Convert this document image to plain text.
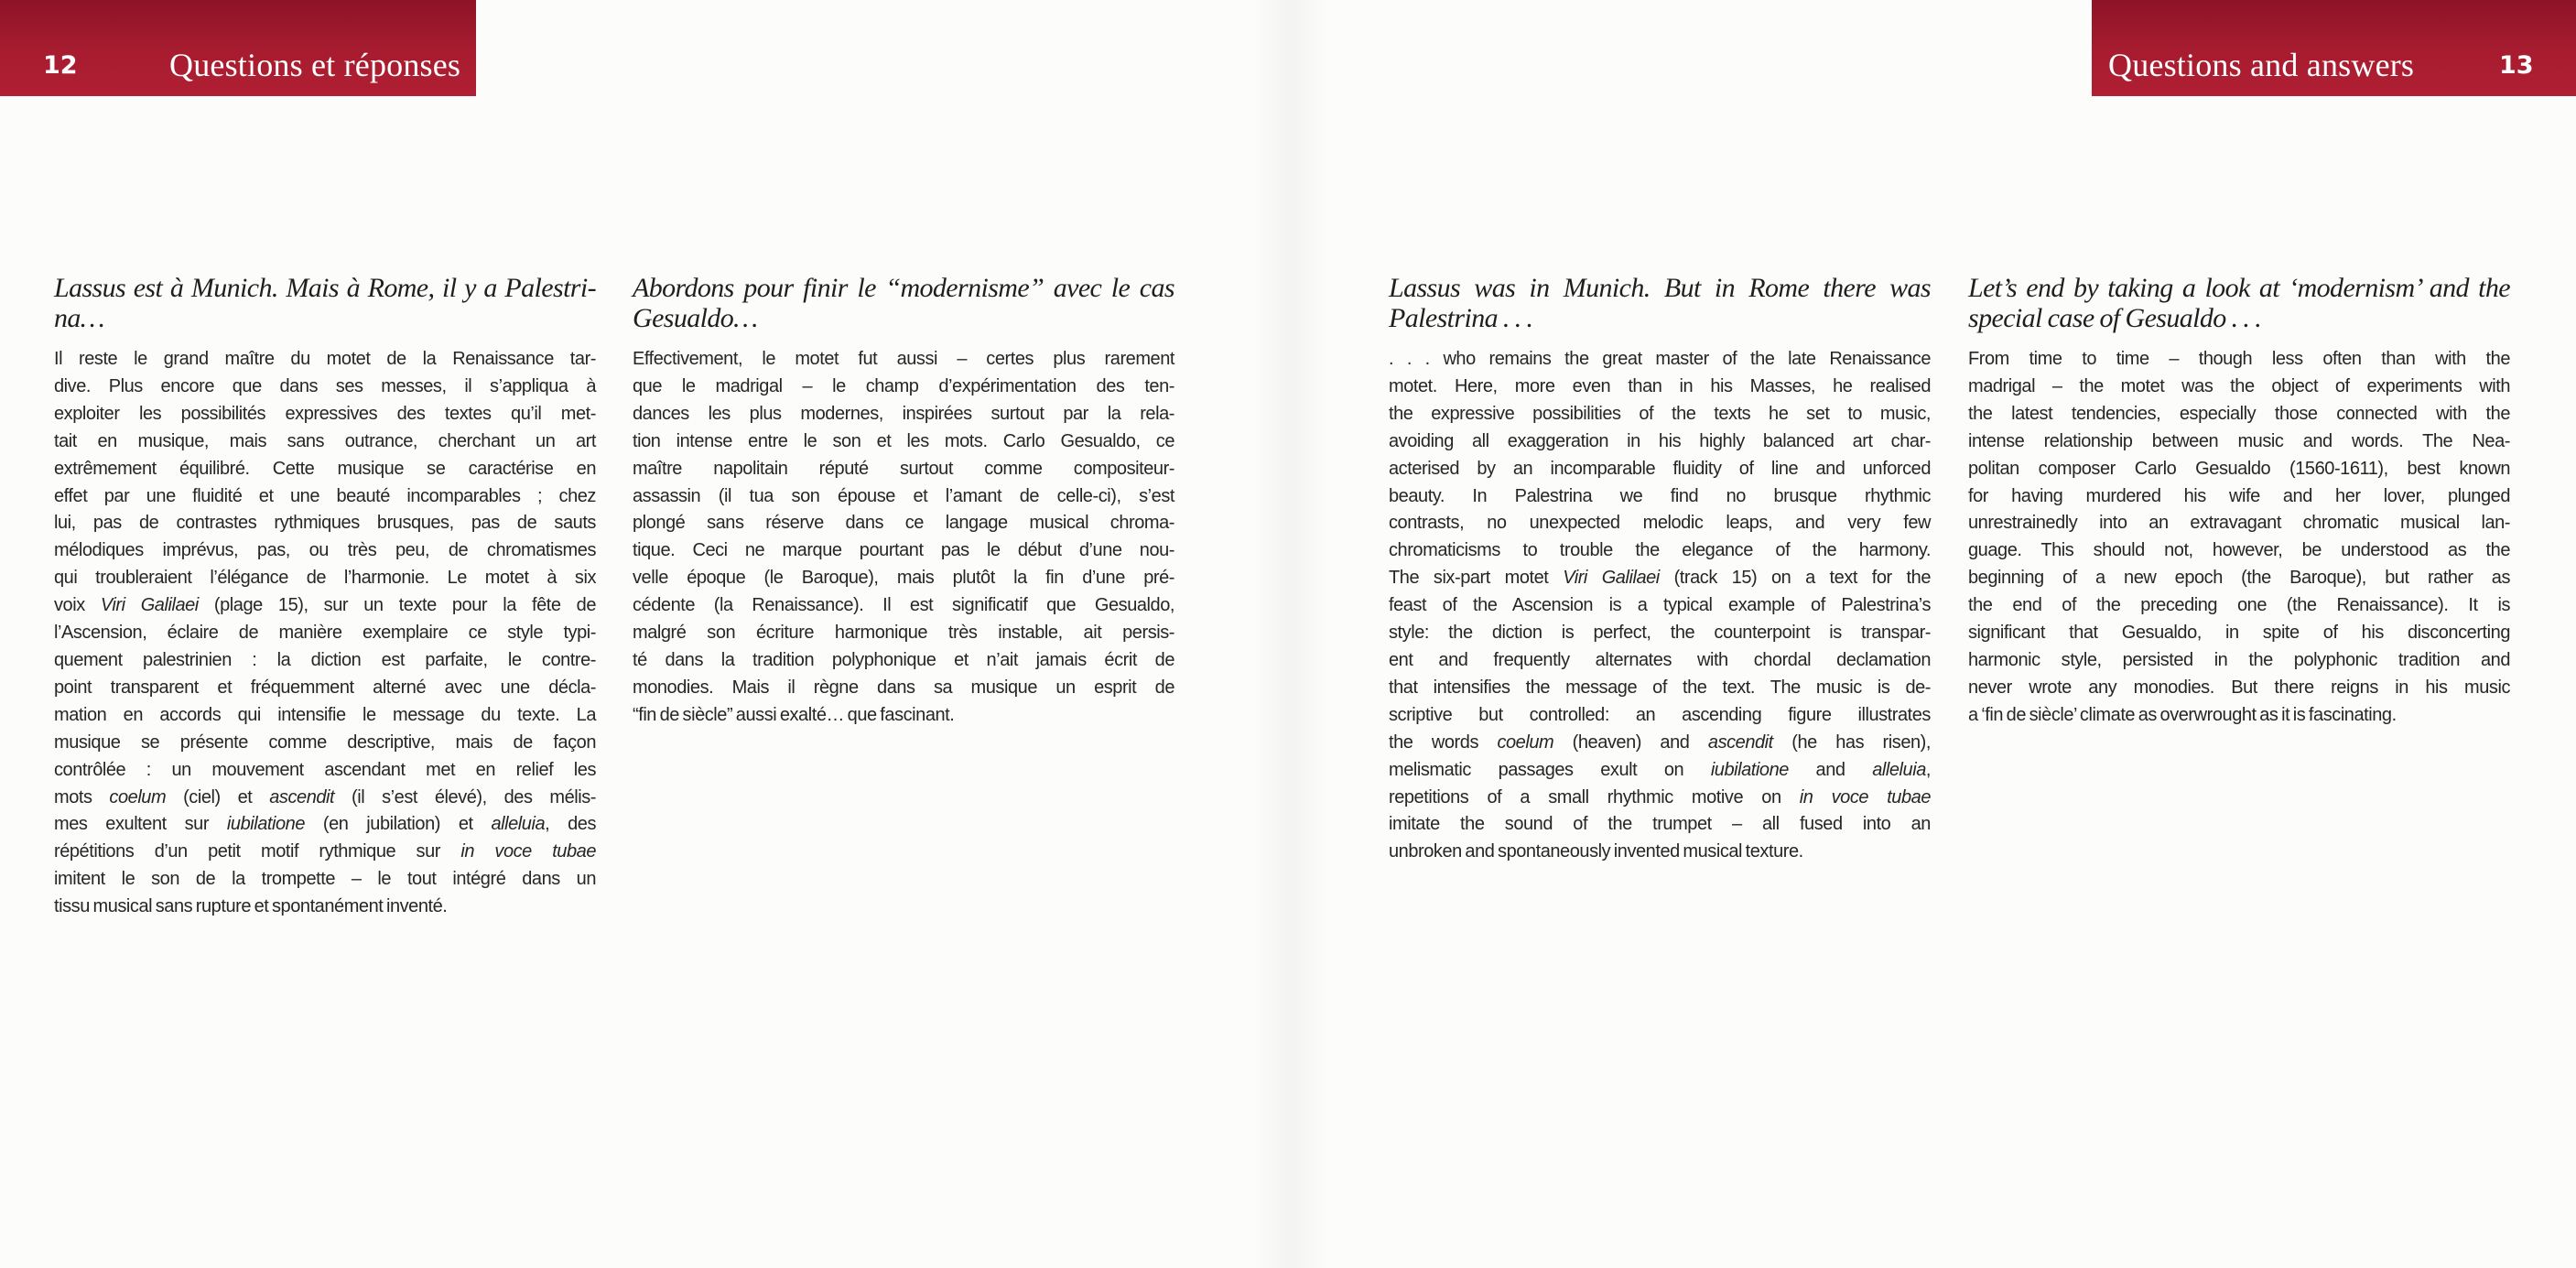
12	Questions et réponses	Questions and answers	13
Lassus est à Munich. Mais à Rome, il y a Palestri-
na…
Il reste le grand maître du motet de la Renaissance tar-
dive. Plus encore que dans ses messes, il s’appliqua à
exploiter les possibilités expressives des textes qu’il met-
tait en musique, mais sans outrance, cherchant un art
extrêmement équilibré. Cette musique se caractérise en
effet par une fluidité et une beauté incomparables ; chez
lui, pas de contrastes rythmiques brusques, pas de sauts
mélodiques imprévus, pas, ou très peu, de chromatismes
qui troubleraient l’élégance de l’harmonie. Le motet à six
voix Viri Galilaei (plage 15), sur un texte pour la fête de
l’Ascension, éclaire de manière exemplaire ce style typi-
quement palestrinien : la diction est parfaite, le contre-
point transparent et fréquemment alterné avec une décla-
mation en accords qui intensifie le message du texte. La
musique se présente comme descriptive, mais de façon
contrôlée : un mouvement ascendant met en relief les
mots coelum (ciel) et ascendit (il s’est élevé), des mélis-
mes exultent sur iubilatione (en jubilation) et alleluia, des
répétitions d’un petit motif rythmique sur in voce tubae
imitent le son de la trompette – le tout intégré dans un
tissu musical sans rupture et spontanément inventé.
Abordons pour finir le “modernisme” avec le cas
Gesualdo…
Effectivement, le motet fut aussi – certes plus rarement
que le madrigal – le champ d’expérimentation des ten-
dances les plus modernes, inspirées surtout par la rela-
tion intense entre le son et les mots. Carlo Gesualdo, ce
maître napolitain réputé surtout comme compositeur-
assassin (il tua son épouse et l’amant de celle-ci), s’est
plongé sans réserve dans ce langage musical chroma-
tique. Ceci ne marque pourtant pas le début d’une nou-
velle époque (le Baroque), mais plutôt la fin d’une pré-
cédente (la Renaissance). Il est significatif que Gesualdo,
malgré son écriture harmonique très instable, ait persis-
té dans la tradition polyphonique et n’ait jamais écrit de
monodies. Mais il règne dans sa musique un esprit de
“fin de siècle” aussi exalté… que fascinant.
Lassus was in Munich. But in Rome there was
Palestrina . . .
. . . who remains the great master of the late Renaissance
motet. Here, more even than in his Masses, he realised
the expressive possibilities of the texts he set to music,
avoiding all exaggeration in his highly balanced art char-
acterised by an incomparable fluidity of line and unforced
beauty. In Palestrina we find no brusque rhythmic
contrasts, no unexpected melodic leaps, and very few
chromaticisms to trouble the elegance of the harmony.
The six-part motet Viri Galilaei (track 15) on a text for the
feast of the Ascension is a typical example of Palestrina’s
style: the diction is perfect, the counterpoint is transpar-
ent and frequently alternates with chordal declamation
that intensifies the message of the text. The music is de-
scriptive but controlled: an ascending figure illustrates
the words coelum (heaven) and ascendit (he has risen),
melismatic passages exult on iubilatione and alleluia,
repetitions of a small rhythmic motive on in voce tubae
imitate the sound of the trumpet – all fused into an
unbroken and spontaneously invented musical texture.
Let’s end by taking a look at ‘modernism’ and the
special case of Gesualdo . . .
From time to time – though less often than with the
madrigal – the motet was the object of experiments with
the latest tendencies, especially those connected with the
intense relationship between music and words. The Nea-
politan composer Carlo Gesualdo (1560-1611), best known
for having murdered his wife and her lover, plunged
unrestrainedly into an extravagant chromatic musical lan-
guage. This should not, however, be understood as the
beginning of a new epoch (the Baroque), but rather as
the end of the preceding one (the Renaissance). It is
significant that Gesualdo, in spite of his disconcerting
harmonic style, persisted in the polyphonic tradition and
never wrote any monodies. But there reigns in his music
a ‘fin de siècle’ climate as overwrought as it is fascinating.
